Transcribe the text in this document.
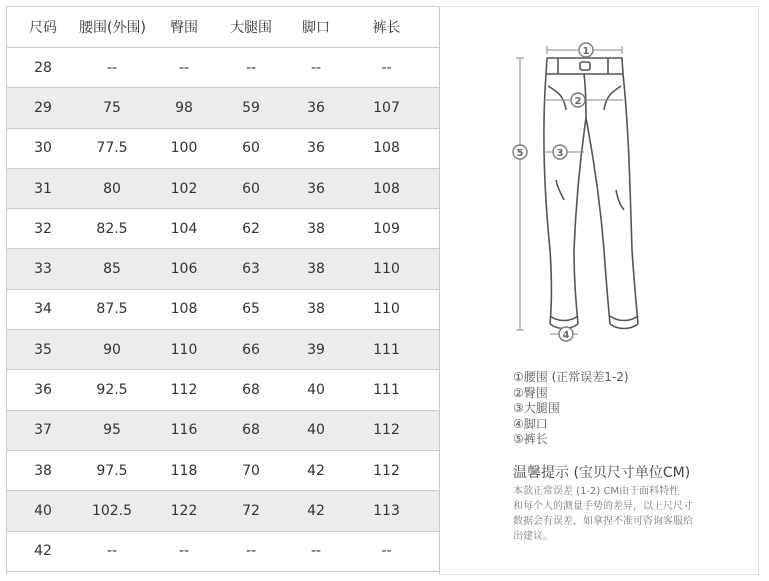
尺码	腰围(外围)	臀围	大腿围	脚口	裤长
28	--	--	--	--	--
29	75	98	59	36	107
30	77.5	100	60	36	108
31	80	102	60	36	108
32	82.5	104	62	38	109
33	85	106	63	38	110
34	87.5	108	65	38	110
35	90	110	66	39	111
36	92.5	112	68	40	111
37	95	116	68	40	112
38	97.5	118	70	42	112
40	102.5	122	72	42	113
42	--	--	--	--	--
1
2
3
4
5
①腰围 (正常误差1-2)
②臀围
③大腿围
④脚口
⑤裤长
温馨提示 (宝贝尺寸单位CM)
本款正常误差 (1-2) CM由于面料特性
和每个人的测量手势的差异，以上尺尺寸
数据会有误差，如拿捏不准可咨询客服给
出建议。
